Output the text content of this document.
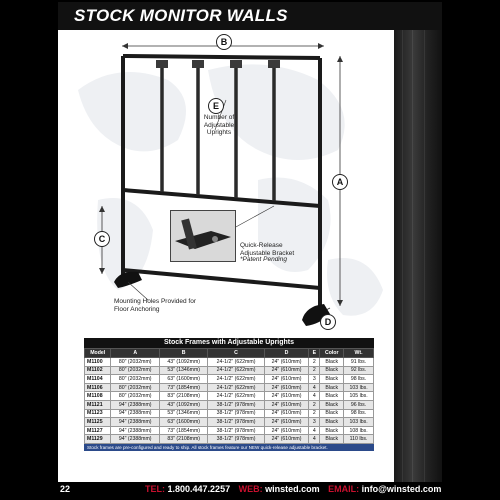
STOCK MONITOR WALLS
B
A
C
D
E
Number of Adjustable Uprights
Quick-Release Adjustable Bracket
*Patent Pending
Mounting Holes Provided for Floor Anchoring
Stock Frames with Adjustable Uprights
Model	A	B	C	D	E	Color	Wt.
M1100	80" (2032mm)	43" (1092mm)	24-1/2" (622mm)	24" (610mm)	2	Black	91 lbs.
M1102	80" (2032mm)	53" (1346mm)	24-1/2" (622mm)	24" (610mm)	2	Black	92 lbs.
M1104	80" (2032mm)	63" (1600mm)	24-1/2" (622mm)	24" (610mm)	3	Black	98 lbs.
M1106	80" (2032mm)	73" (1854mm)	24-1/2" (622mm)	24" (610mm)	4	Black	103 lbs.
M1108	80" (2032mm)	83" (2108mm)	24-1/2" (622mm)	24" (610mm)	4	Black	105 lbs.
M1121	94" (2388mm)	43" (1092mm)	38-1/2" (978mm)	24" (610mm)	2	Black	96 lbs.
M1123	94" (2388mm)	53" (1346mm)	38-1/2" (978mm)	24" (610mm)	2	Black	98 lbs.
M1125	94" (2388mm)	63" (1600mm)	38-1/2" (978mm)	24" (610mm)	3	Black	103 lbs.
M1127	94" (2388mm)	73" (1854mm)	38-1/2" (978mm)	24" (610mm)	4	Black	108 lbs.
M1129	94" (2388mm)	83" (2108mm)	38-1/2" (978mm)	24" (610mm)	4	Black	110 lbs.
Stock frames are pre-configured and ready to ship. All stock frames feature our NEW quick-release adjustable bracket.
22	TEL: 1.800.447.2257 WEB: winsted.com EMAIL: info@winsted.com
